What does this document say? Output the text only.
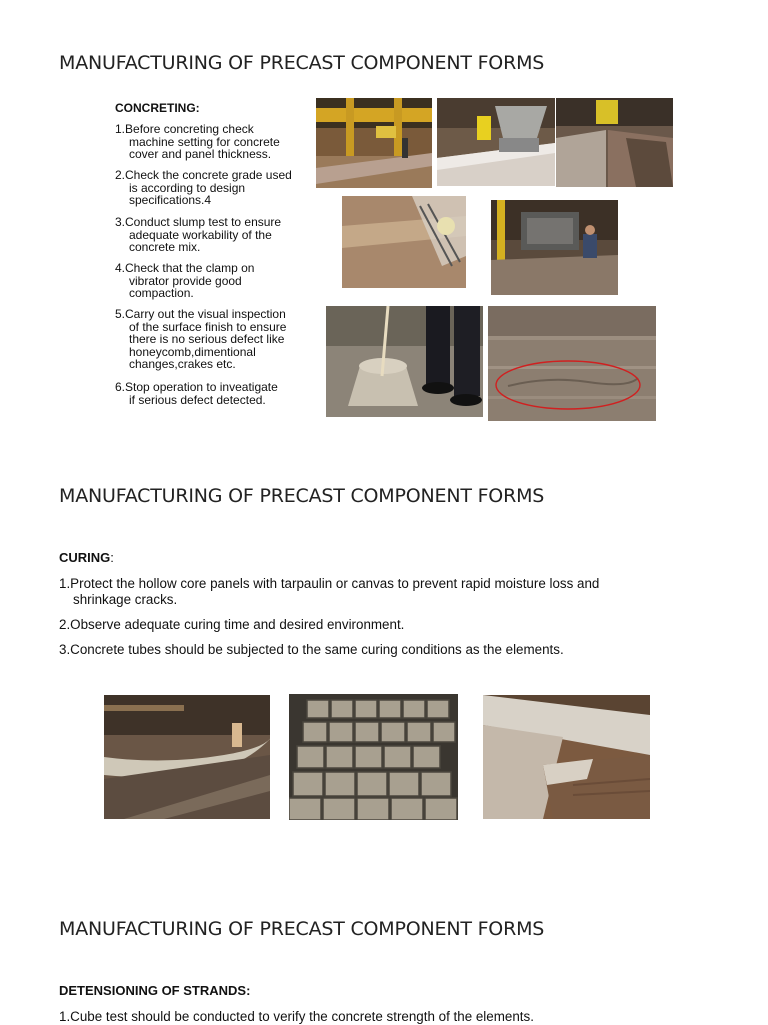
MANUFACTURING OF PRECAST COMPONENT FORMS
CONCRETING:
1.Before concreting check
machine setting for concrete
cover and panel thickness.
2.Check the concrete grade used
is according to design
specifications.4
3.Conduct slump test to ensure
adequate workability of the
concrete mix.
4.Check that the clamp on
vibrator provide good
compaction.
5.Carry out the visual inspection
of the surface finish to ensure
there is no serious defect like
honeycomb,dimentional
changes,crakes etc.
6.Stop operation to inveatigate
if serious defect detected.
MANUFACTURING OF PRECAST COMPONENT FORMS
CURING:
1.Protect the hollow core panels with tarpaulin or canvas to prevent rapid moisture loss and
shrinkage cracks.
2.Observe adequate curing time and desired environment.
3.Concrete tubes should be subjected to the same curing conditions as the elements.
MANUFACTURING OF PRECAST COMPONENT FORMS
DETENSIONING OF STRANDS:
1.Cube test should be conducted to verify the concrete strength of the elements.
